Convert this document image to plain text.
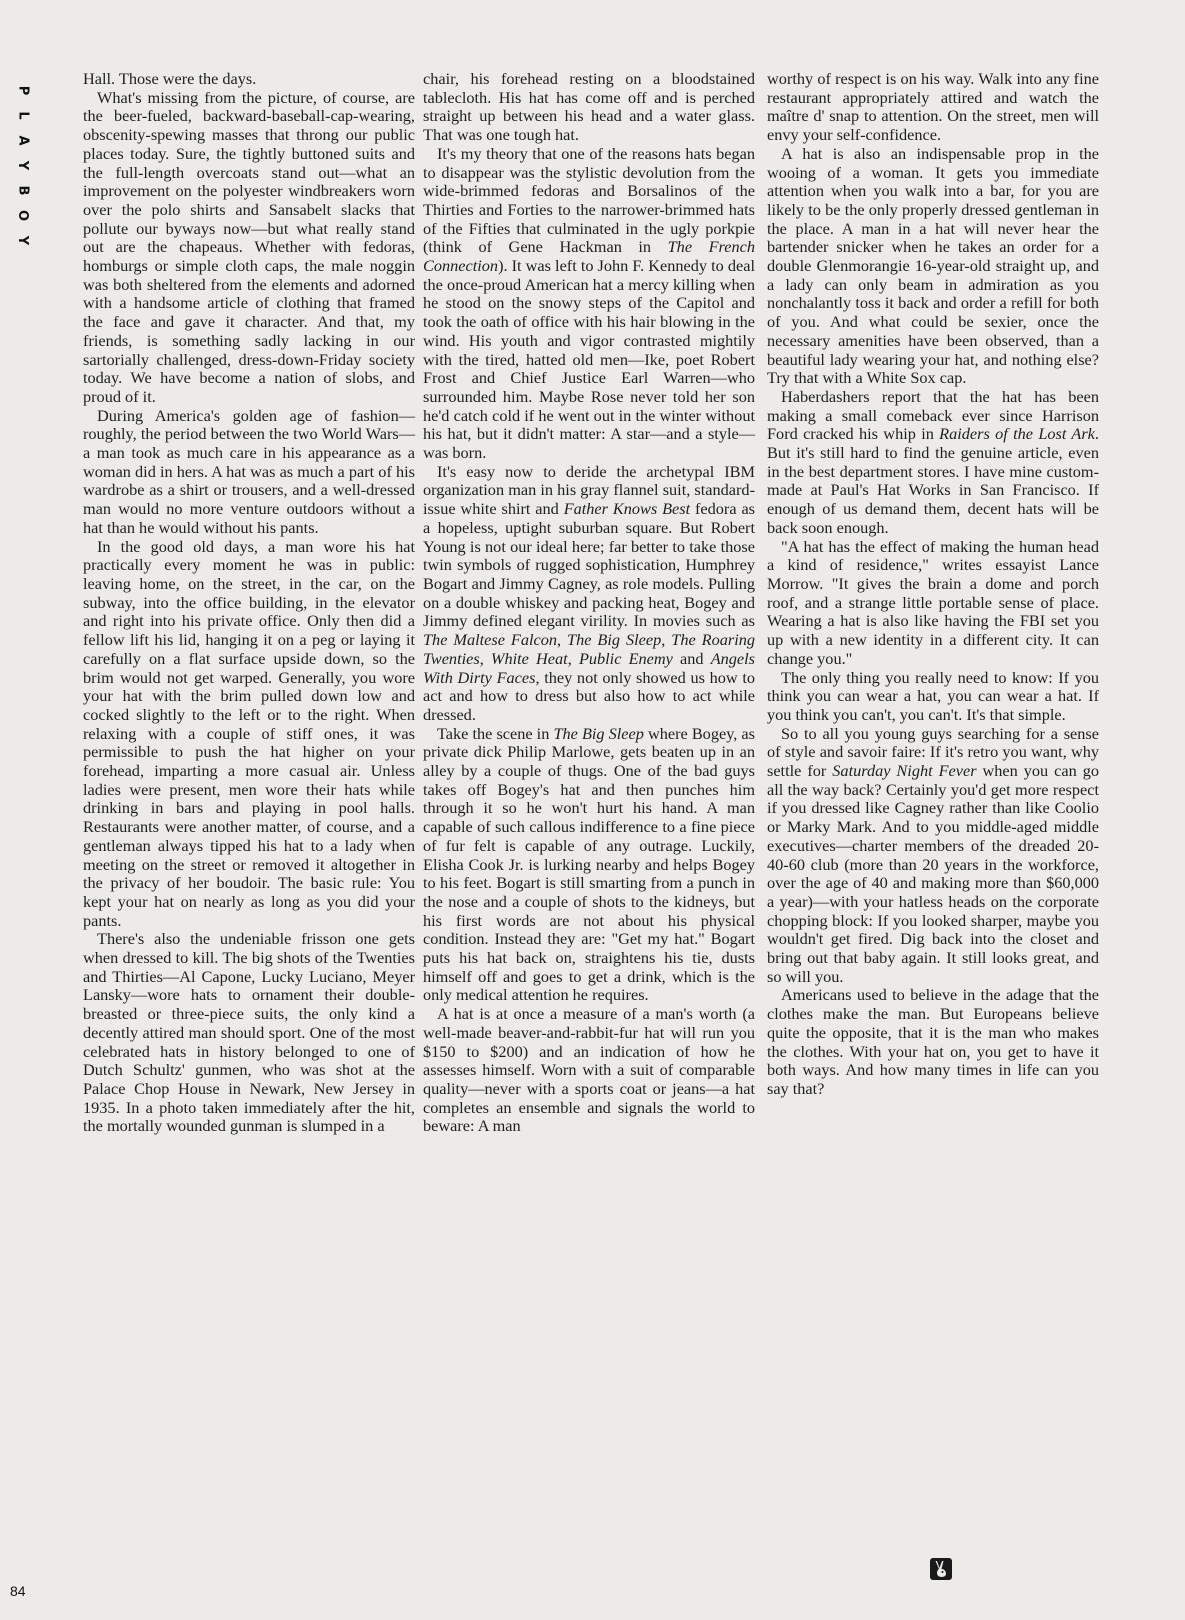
P
L
A
Y
B
O
Y

Hall. Those were the days.

What's missing from the picture, of course, are the beer-fueled, backward-baseball-cap-wearing, obscenity-spewing masses that throng our public places today. Sure, the tightly buttoned suits and the full-length overcoats stand out—what an improvement on the polyester windbreakers worn over the polo shirts and Sansabelt slacks that pollute our byways now—but what really stand out are the chapeaus. Whether with fedoras, homburgs or simple cloth caps, the male noggin was both sheltered from the elements and adorned with a handsome article of clothing that framed the face and gave it character. And that, my friends, is something sadly lacking in our sartorially challenged, dress-down-Friday society today. We have become a nation of slobs, and proud of it.

During America's golden age of fashion—roughly, the period between the two World Wars—a man took as much care in his appearance as a woman did in hers. A hat was as much a part of his wardrobe as a shirt or trousers, and a well-dressed man would no more venture outdoors without a hat than he would without his pants.

In the good old days, a man wore his hat practically every moment he was in public: leaving home, on the street, in the car, on the subway, into the office building, in the elevator and right into his private office. Only then did a fellow lift his lid, hanging it on a peg or laying it carefully on a flat surface upside down, so the brim would not get warped. Generally, you wore your hat with the brim pulled down low and cocked slightly to the left or to the right. When relaxing with a couple of stiff ones, it was permissible to push the hat higher on your forehead, imparting a more casual air. Unless ladies were present, men wore their hats while drinking in bars and playing in pool halls. Restaurants were another matter, of course, and a gentleman always tipped his hat to a lady when meeting on the street or removed it altogether in the privacy of her boudoir. The basic rule: You kept your hat on nearly as long as you did your pants.

There's also the undeniable frisson one gets when dressed to kill. The big shots of the Twenties and Thirties—Al Capone, Lucky Luciano, Meyer Lansky—wore hats to ornament their double-breasted or three-piece suits, the only kind a decently attired man should sport. One of the most celebrated hats in history belonged to one of Dutch Schultz' gunmen, who was shot at the Palace Chop House in Newark, New Jersey in 1935. In a photo taken immediately after the hit, the mortally wounded gunman is slumped in a

chair, his forehead resting on a bloodstained tablecloth. His hat has come off and is perched straight up between his head and a water glass. That was one tough hat.

It's my theory that one of the reasons hats began to disappear was the stylistic devolution from the wide-brimmed fedoras and Borsalinos of the Thirties and Forties to the narrower-brimmed hats of the Fifties that culminated in the ugly porkpie (think of Gene Hackman in The French Connection). It was left to John F. Kennedy to deal the once-proud American hat a mercy killing when he stood on the snowy steps of the Capitol and took the oath of office with his hair blowing in the wind. His youth and vigor contrasted mightily with the tired, hatted old men—Ike, poet Robert Frost and Chief Justice Earl Warren—who surrounded him. Maybe Rose never told her son he'd catch cold if he went out in the winter without his hat, but it didn't matter: A star—and a style—was born.

It's easy now to deride the archetypal IBM organization man in his gray flannel suit, standard-issue white shirt and Father Knows Best fedora as a hopeless, uptight suburban square. But Robert Young is not our ideal here; far better to take those twin symbols of rugged sophistication, Humphrey Bogart and Jimmy Cagney, as role models. Pulling on a double whiskey and packing heat, Bogey and Jimmy defined elegant virility. In movies such as The Maltese Falcon, The Big Sleep, The Roaring Twenties, White Heat, Public Enemy and Angels With Dirty Faces, they not only showed us how to act and how to dress but also how to act while dressed.

Take the scene in The Big Sleep where Bogey, as private dick Philip Marlowe, gets beaten up in an alley by a couple of thugs. One of the bad guys takes off Bogey's hat and then punches him through it so he won't hurt his hand. A man capable of such callous indifference to a fine piece of fur felt is capable of any outrage. Luckily, Elisha Cook Jr. is lurking nearby and helps Bogey to his feet. Bogart is still smarting from a punch in the nose and a couple of shots to the kidneys, but his first words are not about his physical condition. Instead they are: "Get my hat." Bogart puts his hat back on, straightens his tie, dusts himself off and goes to get a drink, which is the only medical attention he requires.

A hat is at once a measure of a man's worth (a well-made beaver-and-rabbit-fur hat will run you $150 to $200) and an indication of how he assesses himself. Worn with a suit of comparable quality—never with a sports coat or jeans—a hat completes an ensemble and signals the world to beware: A man

worthy of respect is on his way. Walk into any fine restaurant appropriately attired and watch the maître d' snap to attention. On the street, men will envy your self-confidence.

A hat is also an indispensable prop in the wooing of a woman. It gets you immediate attention when you walk into a bar, for you are likely to be the only properly dressed gentleman in the place. A man in a hat will never hear the bartender snicker when he takes an order for a double Glenmorangie 16-year-old straight up, and a lady can only beam in admiration as you nonchalantly toss it back and order a refill for both of you. And what could be sexier, once the necessary amenities have been observed, than a beautiful lady wearing your hat, and nothing else? Try that with a White Sox cap.

Haberdashers report that the hat has been making a small comeback ever since Harrison Ford cracked his whip in Raiders of the Lost Ark. But it's still hard to find the genuine article, even in the best department stores. I have mine custom-made at Paul's Hat Works in San Francisco. If enough of us demand them, decent hats will be back soon enough.

"A hat has the effect of making the human head a kind of residence," writes essayist Lance Morrow. "It gives the brain a dome and porch roof, and a strange little portable sense of place. Wearing a hat is also like having the FBI set you up with a new identity in a different city. It can change you."

The only thing you really need to know: If you think you can wear a hat, you can wear a hat. If you think you can't, you can't. It's that simple.

So to all you young guys searching for a sense of style and savoir faire: If it's retro you want, why settle for Saturday Night Fever when you can go all the way back? Certainly you'd get more respect if you dressed like Cagney rather than like Coolio or Marky Mark. And to you middle-aged middle executives—charter members of the dreaded 20-40-60 club (more than 20 years in the workforce, over the age of 40 and making more than $60,000 a year)—with your hatless heads on the corporate chopping block: If you looked sharper, maybe you wouldn't get fired. Dig back into the closet and bring out that baby again. It still looks great, and so will you.

Americans used to believe in the adage that the clothes make the man. But Europeans believe quite the opposite, that it is the man who makes the clothes. With your hat on, you get to have it both ways. And how many times in life can you say that?

84
